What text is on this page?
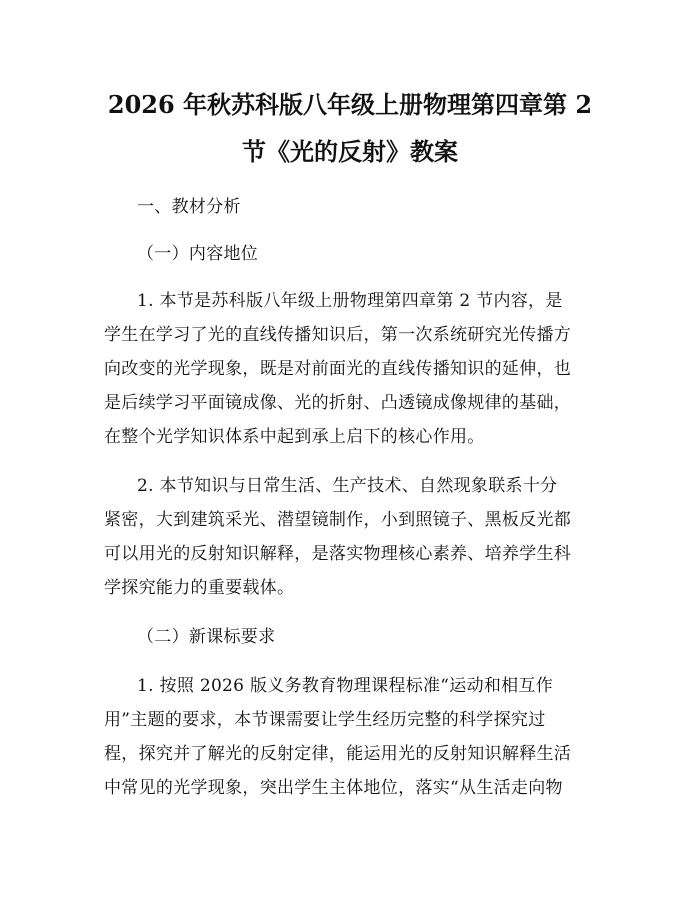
2026 年秋苏科版八年级上册物理第四章第 2
节《光的反射》教案
一、教材分析
（一）内容地位
1. 本节是苏科版八年级上册物理第四章第 2 节内容，是
学生在学习了光的直线传播知识后，第一次系统研究光传播方
向改变的光学现象，既是对前面光的直线传播知识的延伸，也
是后续学习平面镜成像、光的折射、凸透镜成像规律的基础，
在整个光学知识体系中起到承上启下的核心作用。
2. 本节知识与日常生活、生产技术、自然现象联系十分
紧密，大到建筑采光、潜望镜制作，小到照镜子、黑板反光都
可以用光的反射知识解释，是落实物理核心素养、培养学生科
学探究能力的重要载体。
（二）新课标要求
1. 按照 2026 版义务教育物理课程标准“运动和相互作
用”主题的要求，本节课需要让学生经历完整的科学探究过
程，探究并了解光的反射定律，能运用光的反射知识解释生活
中常见的光学现象，突出学生主体地位，落实“从生活走向物
